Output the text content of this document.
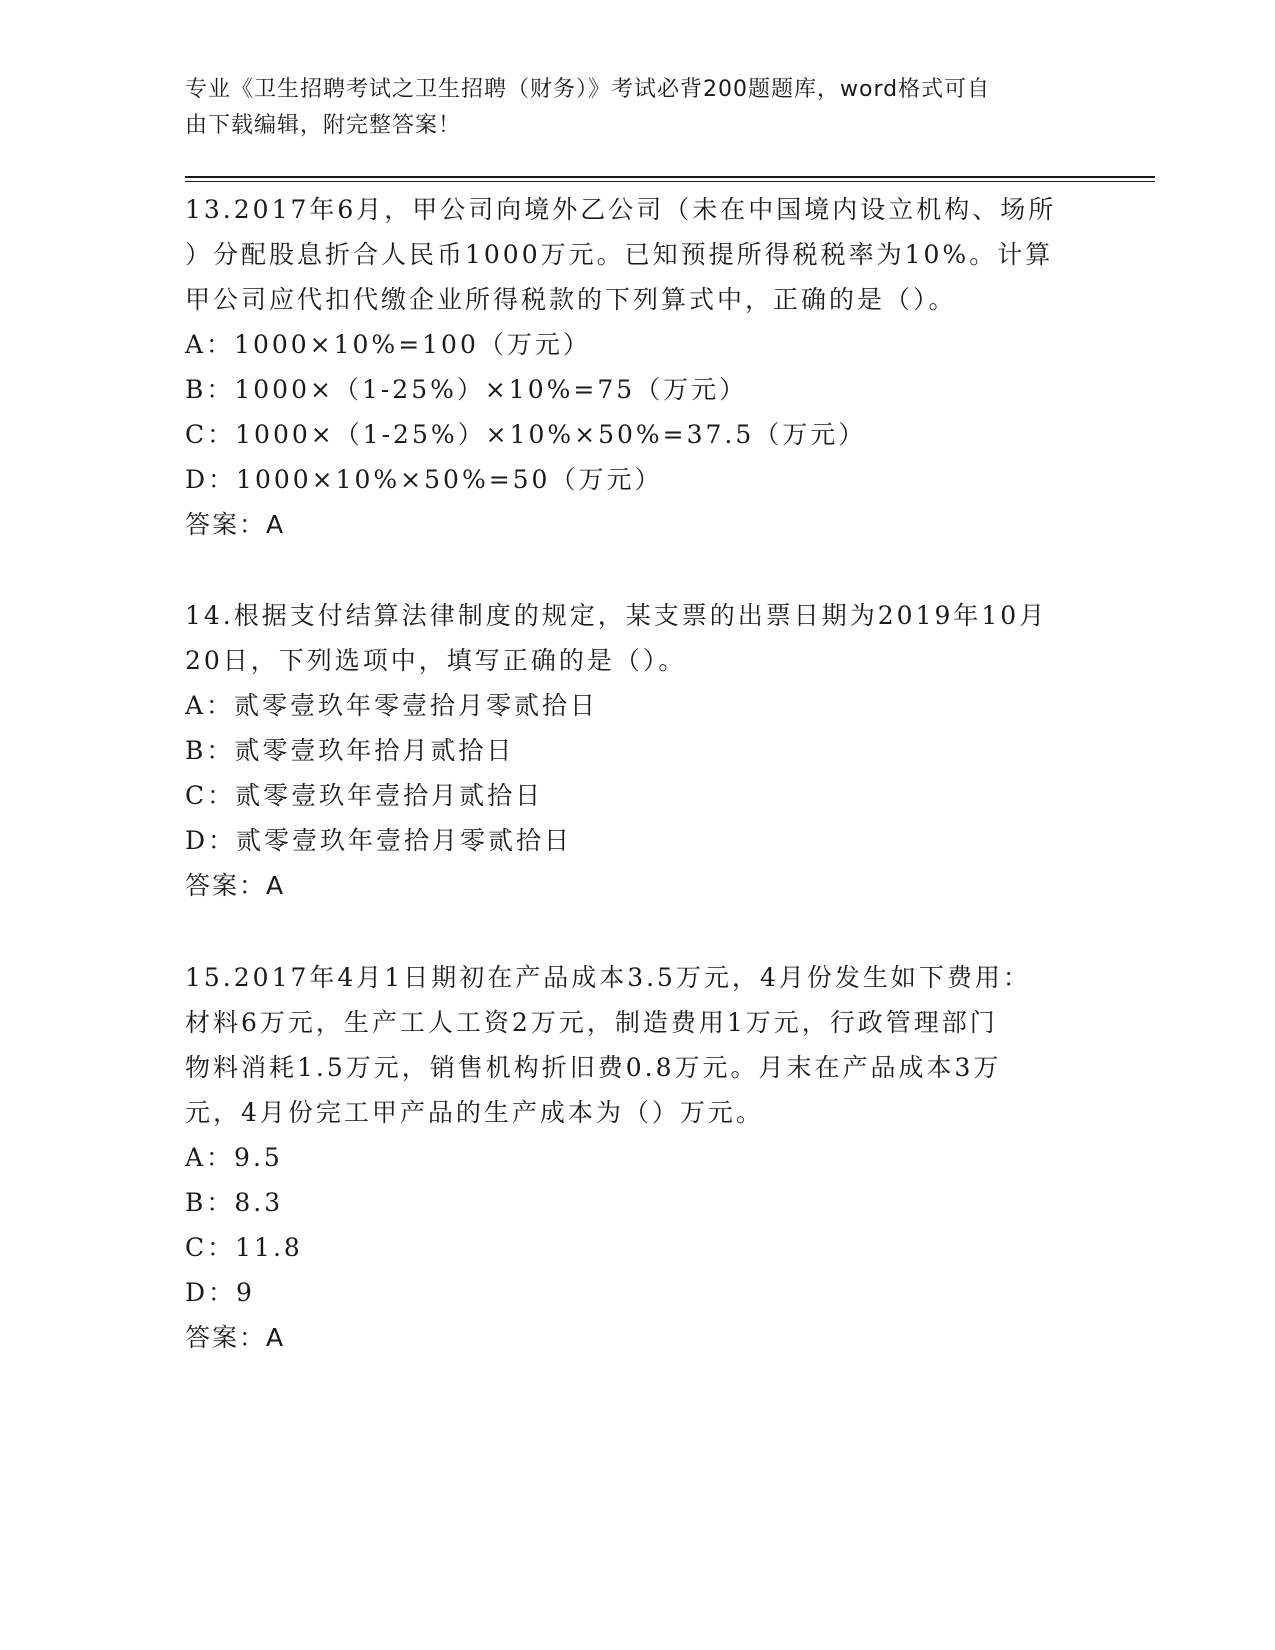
专业《卫生招聘考试之卫生招聘（财务）》考试必背200题题库，word格式可自
由下载编辑，附完整答案！

13.2017年6月，甲公司向境外乙公司（未在中国境内设立机构、场所

）分配股息折合人民币1000万元。已知预提所得税税率为10%。计算

甲公司应代扣代缴企业所得税款的下列算式中，正确的是（）。

A：1000×10%=100（万元）

B：1000×（1-25%）×10%=75（万元）

C：1000×（1-25%）×10%×50%=37.5（万元）

D：1000×10%×50%=50（万元）

答案：A

14.根据支付结算法律制度的规定，某支票的出票日期为2019年10月

20日，下列选项中，填写正确的是（）。

A：贰零壹玖年零壹拾月零贰拾日

B：贰零壹玖年拾月贰拾日

C：贰零壹玖年壹拾月贰拾日

D：贰零壹玖年壹拾月零贰拾日

答案：A

15.2017年4月1日期初在产品成本3.5万元，4月份发生如下费用：

材料6万元，生产工人工资2万元，制造费用1万元，行政管理部门

物料消耗1.5万元，销售机构折旧费0.8万元。月末在产品成本3万

元，4月份完工甲产品的生产成本为（）万元。

A：9.5

B：8.3

C：11.8

D：9

答案：A
